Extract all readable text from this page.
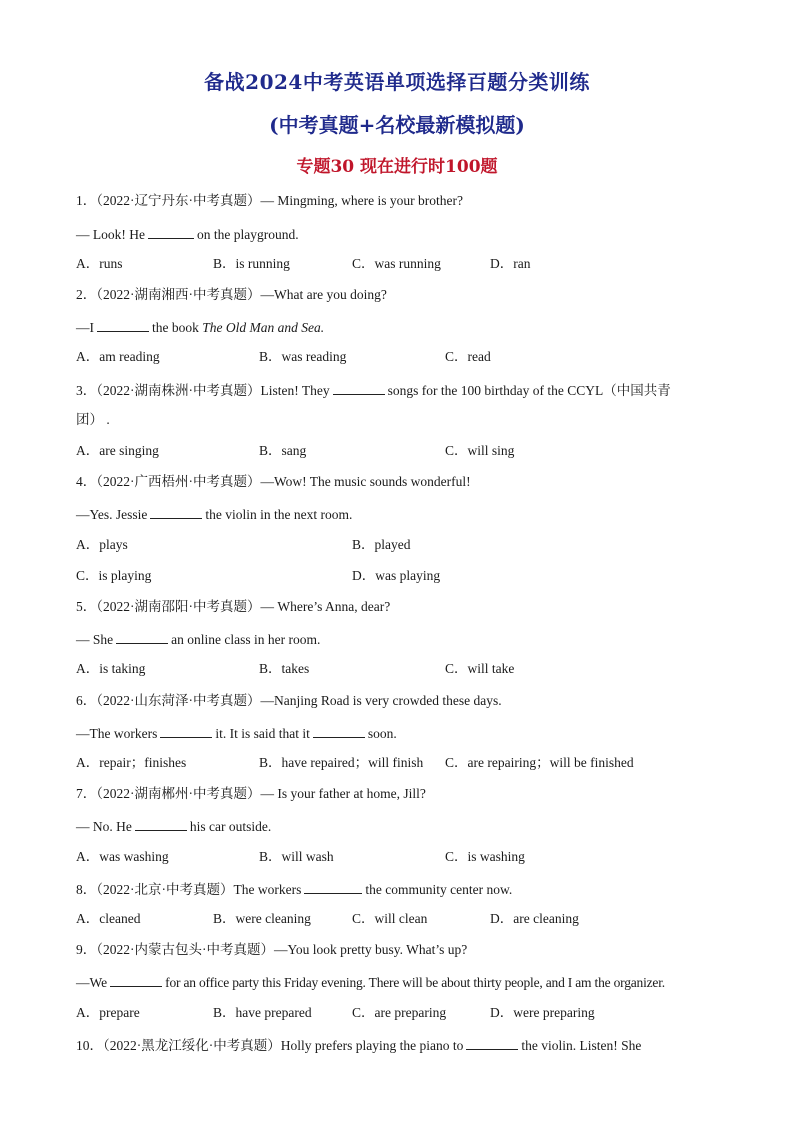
备战2024中考英语单项选择百题分类训练
(中考真题+名校最新模拟题)
专题30 现在进行时100题
1．（2022·辽宁丹东·中考真题）— Mingming, where is your brother?
— Look! He	on the playground.
A．runs	B．is running	C．was running	D．ran
2．（2022·湖南湘西·中考真题）—What are you doing?
—I	the book The Old Man and Sea.
A．am reading	B．was reading	C．read
3．（2022·湖南株洲·中考真题）Listen! They	songs for the 100 birthday of the CCYL（中国共青
团） .
A．are singing	B．sang	C．will sing
4．（2022·广西梧州·中考真题）—Wow! The music sounds wonderful!
—Yes. Jessie	the violin in the next room.
A．plays	B．played
C．is playing	D．was playing
5．（2022·湖南邵阳·中考真题）— Where’s Anna, dear?
— She	an online class in her room.
A．is taking	B．takes	C．will take
6．（2022·山东菏泽·中考真题）—Nanjing Road is very crowded these days.
—The workers	it. It is said that it	soon.
A．repair；finishes	B．have repaired；will finish C．are repairing；will be finished
7．（2022·湖南郴州·中考真题）— Is your father at home, Jill?
— No. He	his car outside.
A．was washing	B．will wash	C．is washing
8．（2022·北京·中考真题）The workers	the community center now.
A．cleaned	B．were cleaning	C．will clean	D．are cleaning
9．（2022·内蒙古包头·中考真题）—You look pretty busy. What’s up?
—We	for an office party this Friday evening. There will be about thirty people, and I am the organizer.
A．prepare	B．have prepared	C．are preparing	D．were preparing
10．（2022·黑龙江绥化·中考真题）Holly prefers playing the piano to	the violin. Listen! She
